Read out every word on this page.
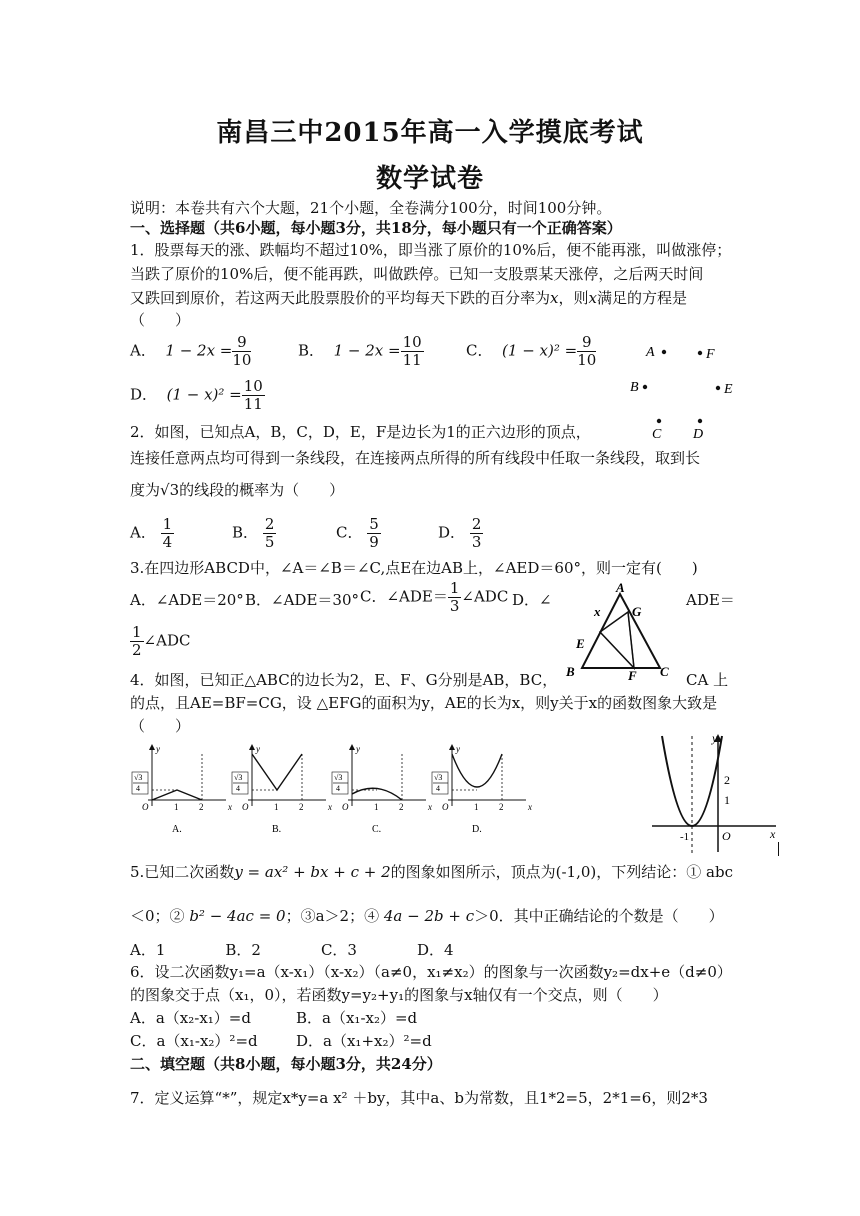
南昌三中2015年高一入学摸底考试
数学试卷
说明：本卷共有六个大题，21个小题，全卷满分100分，时间100分钟。
一、选择题（共6小题，每小题3分，共18分，每小题只有一个正确答案）
1．股票每天的涨、跌幅均不超过10%，即当涨了原价的10%后，便不能再涨，叫做涨停；
当跌了原价的10%后，便不能再跌，叫做跌停。已知一支股票某天涨停，之后两天时间
又跌回到原价，若这两天此股票股价的平均每天下跌的百分率为x，则x满足的方程是
（　　）
A． $1 - 2x = \frac{9}{10}$	B． $1 - 2x = \frac{10}{11}$	C． $(1 - x)^2 = \frac{9}{10}$
D． $(1 - x)^2 = \frac{10}{11}$
A	F
B	E
C D
2．如图，已知点A，B，C，D，E，F是边长为1的正六边形的顶点，
连接任意两点均可得到一条线段，在连接两点所得的所有线段中任取一条线段，取到长
度为√3的线段的概率为（　　）
A． $\frac{1}{4}$	B． $\frac{2}{5}$	C． $\frac{5}{9}$	D． $\frac{2}{3}$
3.在四边形ABCD中，∠A＝∠B＝∠C,点E在边AB上，∠AED＝60°，则一定有(　　)
A．∠ADE＝20° B．∠ADE＝30° C．∠ADE＝ $\frac{1}{3}$ ∠ADC D．∠	ADE＝
$\frac{1}{2}$ ∠ADC
A
G
x
E
B	F C
4．如图，已知正△ABC的边长为2，E、F、G分别是AB，BC，	CA 上
的点，且AE=BF=CG，设 △EFG的面积为y，AE的长为x，则y关于x的函数图象大致是
（　　）
y
x
O	1 2
√3
4
A.
y
x
O	1 2
√3
4
B.
y
x
O	1 2
√3
4
C.
y
x
O	1 2
√3
4
D.
y
x
O
2
1
-1
5.已知二次函数y = ax² + bx + c + 2的图象如图所示，顶点为(-1,0)，下列结论：① abc
＜0；② b² − 4ac = 0；③a＞2；④ 4a − 2b + c＞0．其中正确结论的个数是（　　）
A．1　　　　B．2　　　　C．3　　　　D．4
6．设二次函数y₁=a（x-x₁）（x-x₂）（a≠0，x₁≠x₂）的图象与一次函数y₂=dx+e（d≠0）
的图象交于点（x₁，0），若函数y=y₂+y₁的图象与x轴仅有一个交点，则（　　）
A．a（x₂-x₁）=d	B．a（x₁-x₂）=d
C．a（x₁-x₂）²=d	D．a（x₁+x₂）²=d
二、填空题（共8小题，每小题3分，共24分）
7．定义运算“*”，规定x*y=a x² ＋by，其中a、b为常数，且1*2=5，2*1=6，则2*3
